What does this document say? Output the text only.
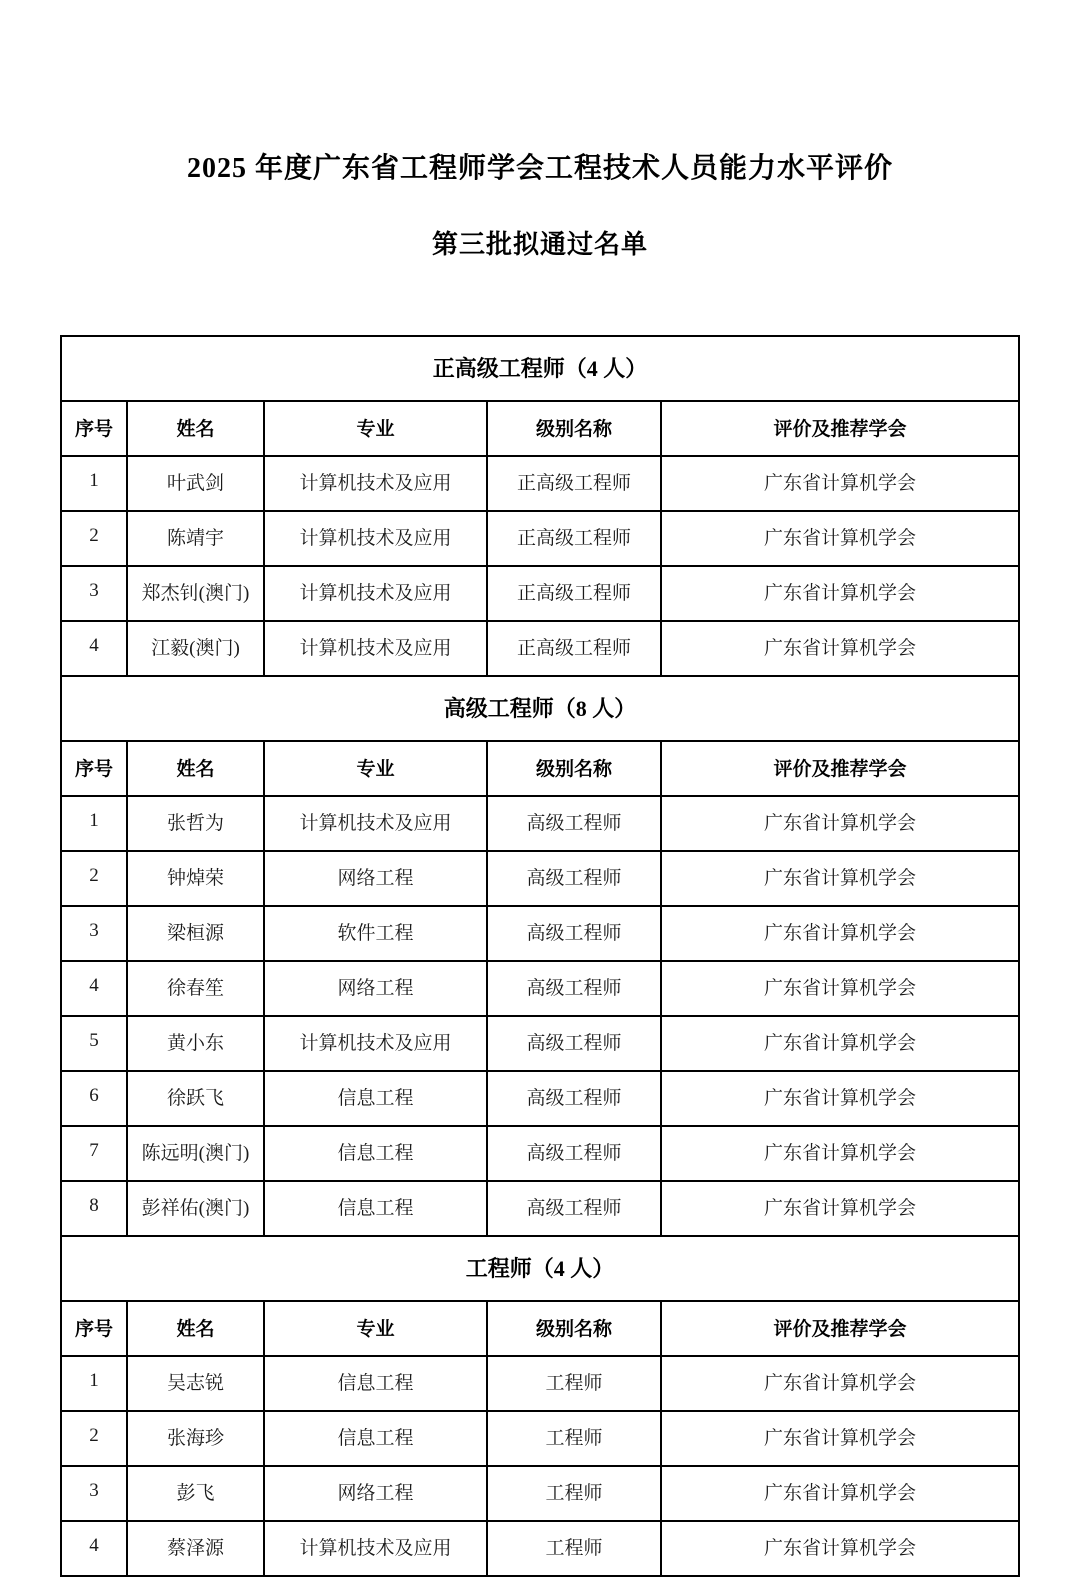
2025 年度广东省工程师学会工程技术人员能力水平评价
第三批拟通过名单
正高级工程师（4 人）				
序号	姓名	专业	级别名称	评价及推荐学会
1	叶武剑	计算机技术及应用	正高级工程师	广东省计算机学会
2	陈靖宇	计算机技术及应用	正高级工程师	广东省计算机学会
3	郑杰钊(澳门)	计算机技术及应用	正高级工程师	广东省计算机学会
4	江毅(澳门)	计算机技术及应用	正高级工程师	广东省计算机学会
高级工程师（8 人）				
序号	姓名	专业	级别名称	评价及推荐学会
1	张哲为	计算机技术及应用	高级工程师	广东省计算机学会
2	钟焯荣	网络工程	高级工程师	广东省计算机学会
3	梁桓源	软件工程	高级工程师	广东省计算机学会
4	徐春笙	网络工程	高级工程师	广东省计算机学会
5	黄小东	计算机技术及应用	高级工程师	广东省计算机学会
6	徐跃飞	信息工程	高级工程师	广东省计算机学会
7	陈远明(澳门)	信息工程	高级工程师	广东省计算机学会
8	彭祥佑(澳门)	信息工程	高级工程师	广东省计算机学会
工程师（4 人）				
序号	姓名	专业	级别名称	评价及推荐学会
1	吴志锐	信息工程	工程师	广东省计算机学会
2	张海珍	信息工程	工程师	广东省计算机学会
3	彭飞	网络工程	工程师	广东省计算机学会
4	蔡泽源	计算机技术及应用	工程师	广东省计算机学会
